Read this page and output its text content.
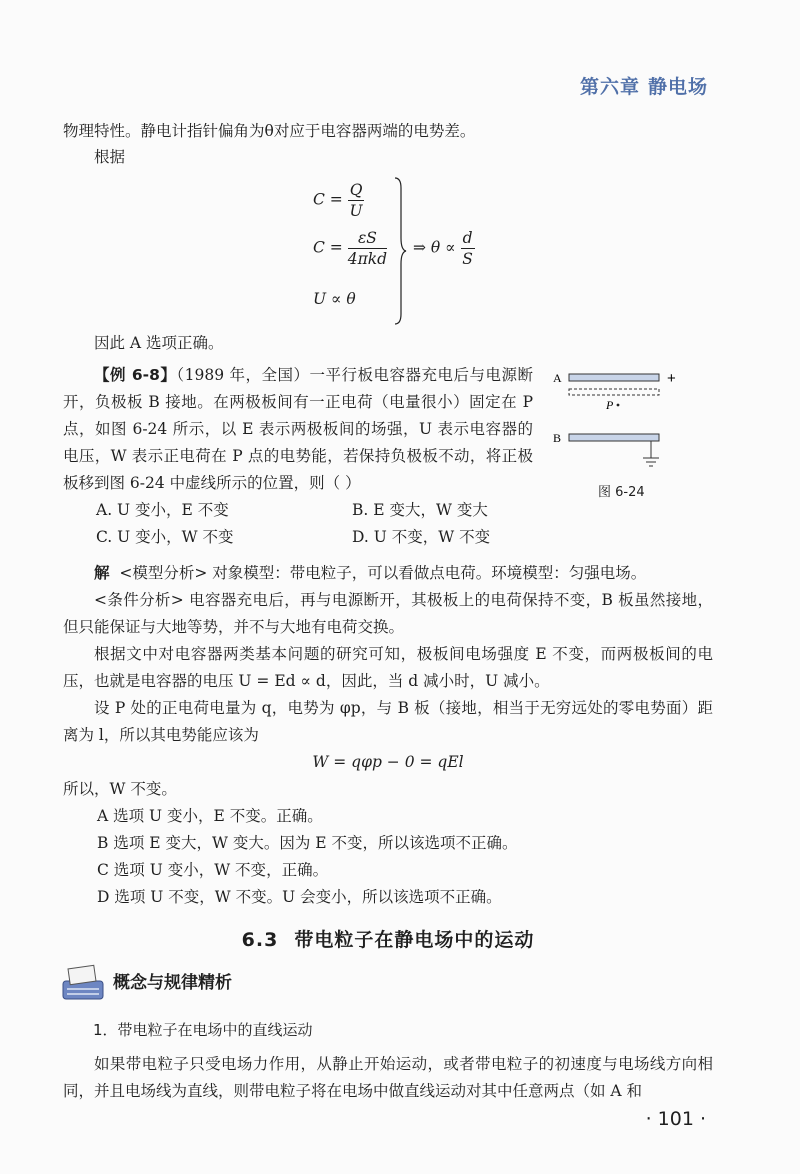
第六章 静电场

物理特性。静电计指针偏角为θ对应于电容器两端的电势差。

根据

$C = \frac{Q}{U}$
$C = \frac{\varepsilon S}{\text{4πkd}}$
U ∝ θ
⇒ $\theta \propto \frac{d}{S}$

因此 A 选项正确。

【例 6-8】（1989 年，全国）一平行板电容器充电后与电源断开，负极板 B 接地。在两极板间有一正电荷（电量很小）固定在 P 点，如图 6-24 所示，以 E 表示两极板间的场强，U 表示电容器的电压，W 表示正电荷在 P 点的电势能，若保持负极板不动，将正极板移到图 6-24 中虚线所示的位置，则（ ）

A	+
P
B
图 6-24
A. U 变小，E 不变	B. E 变大，W 变大
C. U 变小，W 不变	D. U 不变，W 不变

解 <模型分析> 对象模型：带电粒子，可以看做点电荷。环境模型：匀强电场。

<条件分析> 电容器充电后，再与电源断开，其极板上的电荷保持不变，B 板虽然接地，但只能保证与大地等势，并不与大地有电荷交换。

根据文中对电容器两类基本问题的研究可知，极板间电场强度 E 不变，而两极板间的电压，也就是电容器的电压 U = Ed ∝ d，因此，当 d 减小时，U 减小。

设 P 处的正电荷电量为 q，电势为 φp，与 B 板（接地，相当于无穷远处的零电势面）距离为 l，所以其电势能应该为

W = qφp − 0 = qEl

所以，W 不变。

A 选项 U 变小，E 不变。正确。

B 选项 E 变大，W 变大。因为 E 不变，所以该选项不正确。

C 选项 U 变小，W 不变，正确。

D 选项 U 不变，W 不变。U 会变小，所以该选项不正确。

6.3 带电粒子在静电场中的运动
概念与规律精析

1．带电粒子在电场中的直线运动

如果带电粒子只受电场力作用，从静止开始运动，或者带电粒子的初速度与电场线方向相同，并且电场线为直线，则带电粒子将在电场中做直线运动对其中任意两点（如 A 和

· 101 ·
